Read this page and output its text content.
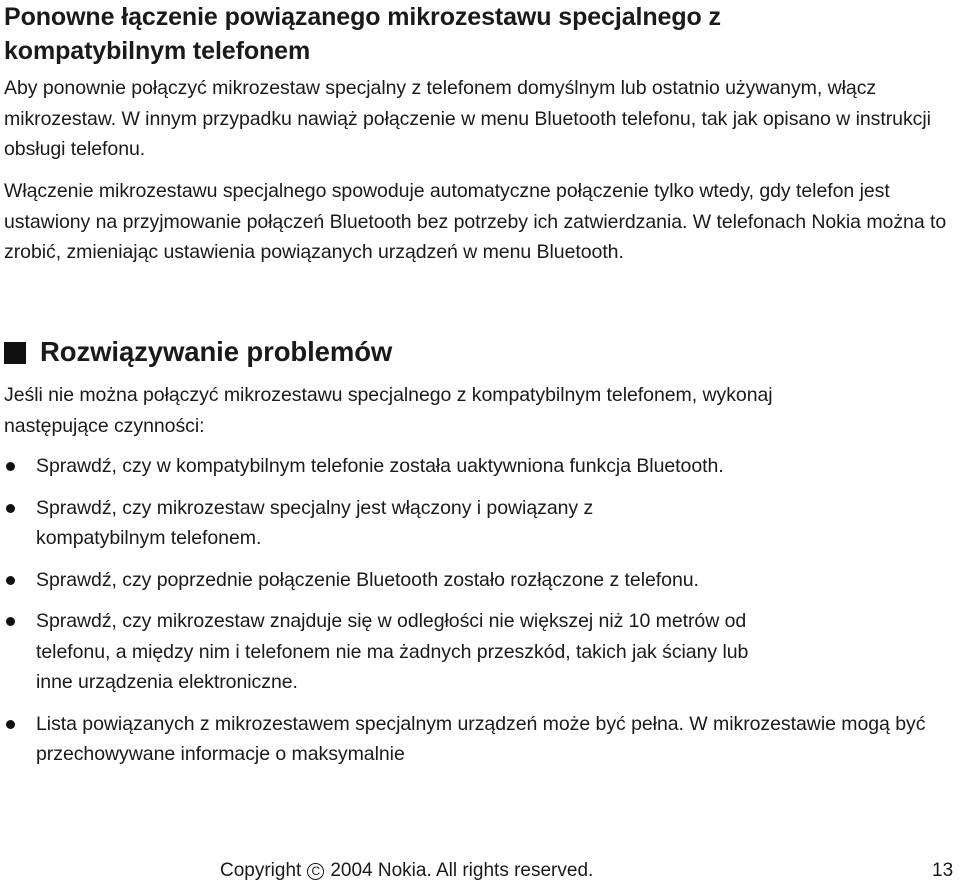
Ponowne łączenie powiązanego mikrozestawu specjalnego z kompatybilnym telefonem

Aby ponownie połączyć mikrozestaw specjalny z telefonem domyślnym lub ostatnio używanym, włącz mikrozestaw. W innym przypadku nawiąż połączenie w menu Bluetooth telefonu, tak jak opisano w instrukcji obsługi telefonu.

Włączenie mikrozestawu specjalnego spowoduje automatyczne połączenie tylko wtedy, gdy telefon jest ustawiony na przyjmowanie połączeń Bluetooth bez potrzeby ich zatwierdzania. W telefonach Nokia można to zrobić, zmieniając ustawienia powiązanych urządzeń w menu Bluetooth.

Rozwiązywanie problemów

Jeśli nie można połączyć mikrozestawu specjalnego z kompatybilnym telefonem, wykonaj następujące czynności:

Sprawdź, czy w kompatybilnym telefonie została uaktywniona funkcja Bluetooth.
Sprawdź, czy mikrozestaw specjalny jest włączony i powiązany z kompatybilnym telefonem.
Sprawdź, czy poprzednie połączenie Bluetooth zostało rozłączone z telefonu.
Sprawdź, czy mikrozestaw znajduje się w odległości nie większej niż 10 metrów od telefonu, a między nim i telefonem nie ma żadnych przeszkód, takich jak ściany lub inne urządzenia elektroniczne.
Lista powiązanych z mikrozestawem specjalnym urządzeń może być pełna. W mikrozestawie mogą być przechowywane informacje o maksymalnie
Copyright C 2004 Nokia. All rights reserved.	13
